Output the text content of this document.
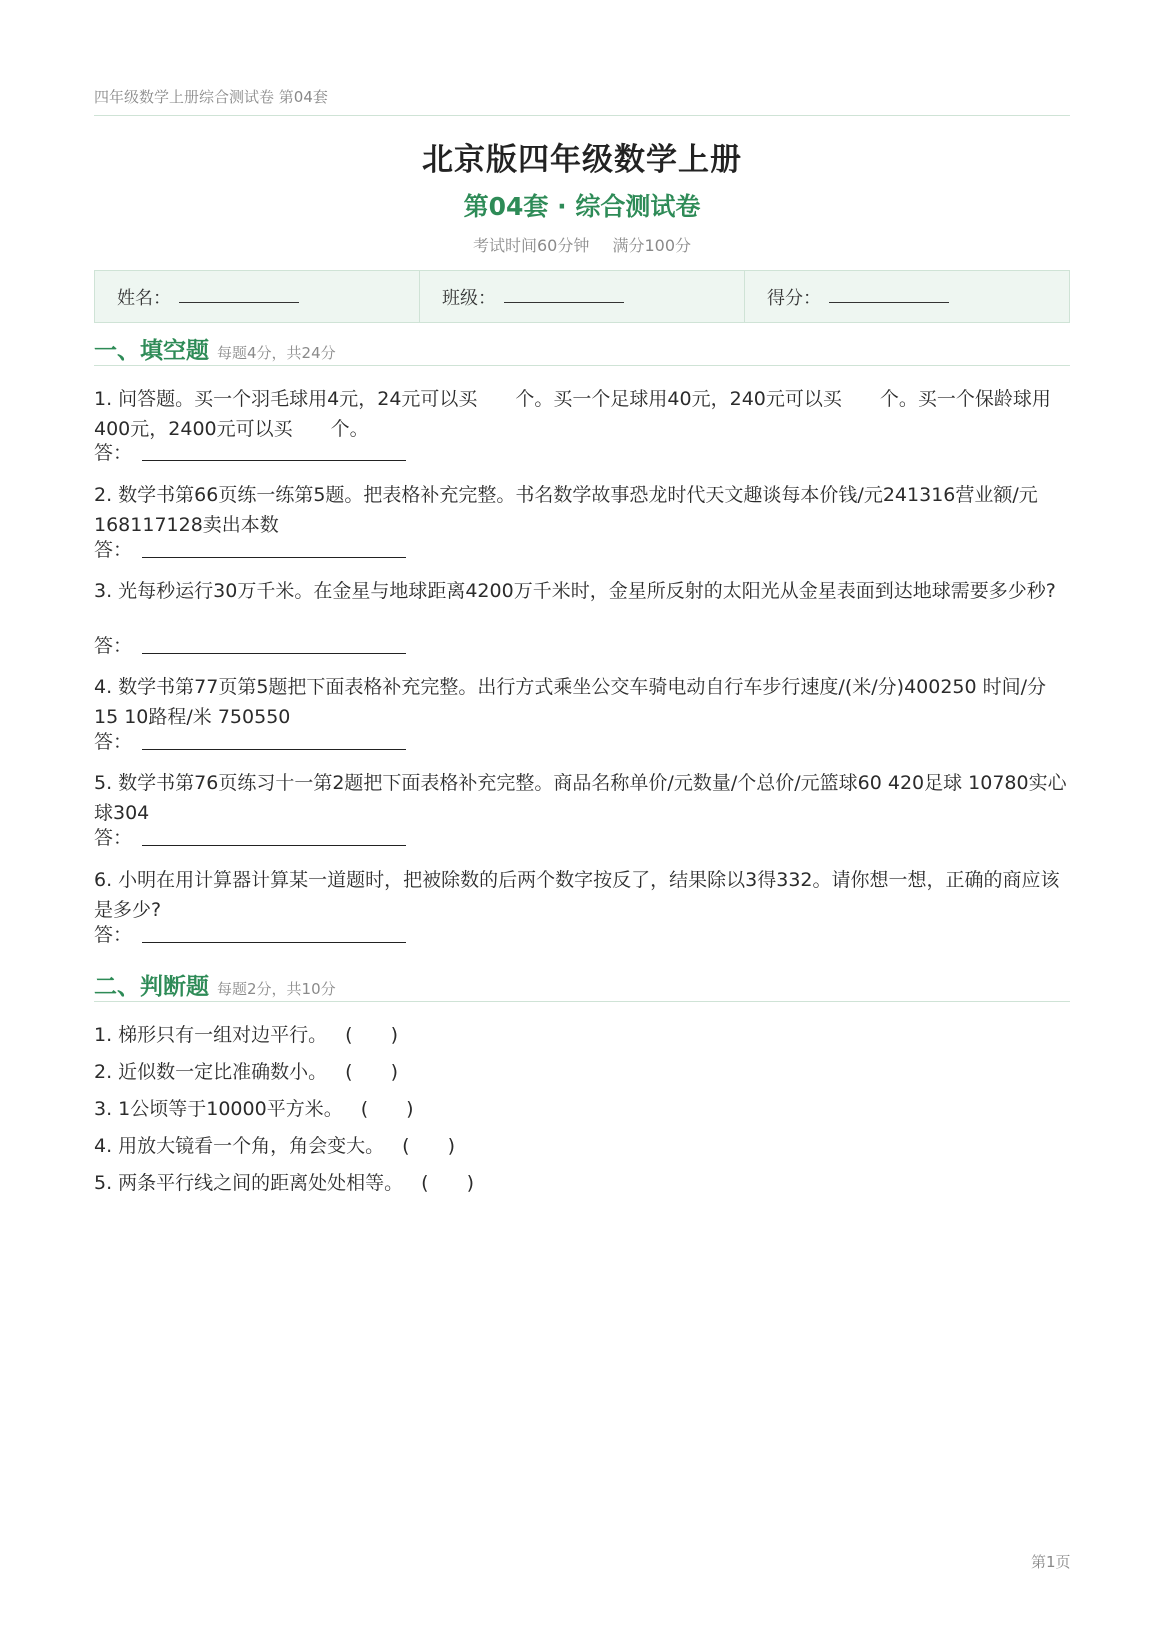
四年级数学上册综合测试卷 第04套
北京版四年级数学上册
第04套 · 综合测试卷
考试时间60分钟 满分100分
姓名：	班级：	得分：
一、填空题 每题4分，共24分
1. 问答题。买一个羽毛球用4元，24元可以买　　个。买一个足球用40元，240元可以买　　个。买一个保龄球用400元，2400元可以买　　个。
答：
2. 数学书第66页练一练第5题。把表格补充完整。书名数学故事恐龙时代天文趣谈每本价钱/元241316营业额/元168117128卖出本数
答：
3. 光每秒运行30万千米。在金星与地球距离4200万千米时，金星所反射的太阳光从金星表面到达地球需要多少秒?
答：
4. 数学书第77页第5题把下面表格补充完整。出行方式乘坐公交车骑电动自行车步行速度/(米/分)400250 时间/分15 10路程/米 750550
答：
5. 数学书第76页练习十一第2题把下面表格补充完整。商品名称单价/元数量/个总价/元篮球60 420足球 10780实心球304
答：
6. 小明在用计算器计算某一道题时，把被除数的后两个数字按反了，结果除以3得332。请你想一想，正确的商应该是多少?
答：
二、判断题 每题2分，共10分
1. 梯形只有一组对边平行。 (　　)
2. 近似数一定比准确数小。 (　　)
3. 1公顷等于10000平方米。 (　　)
4. 用放大镜看一个角，角会变大。 (　　)
5. 两条平行线之间的距离处处相等。 (　　)
第1页
